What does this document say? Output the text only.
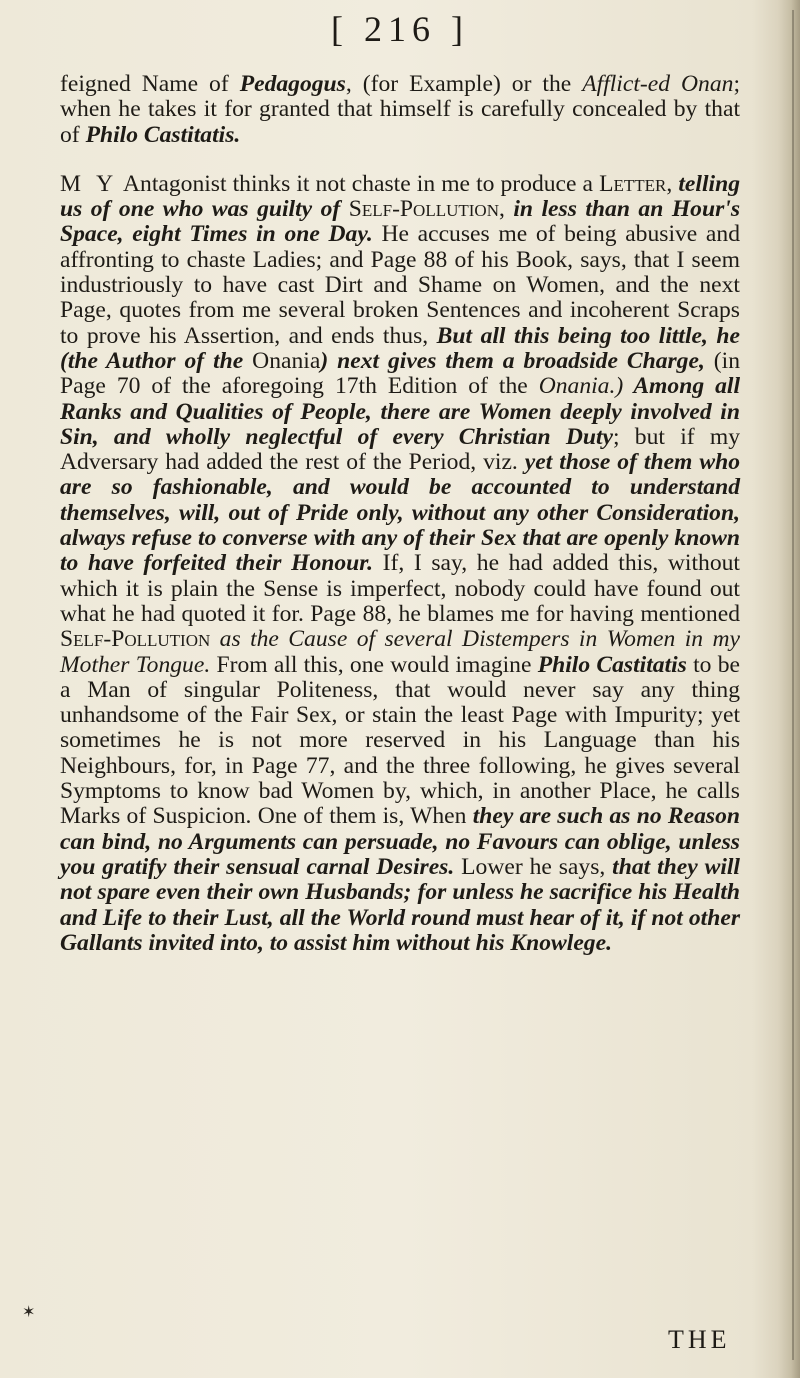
[ 216 ]

feigned Name of Pedagogus, (for Example) or the Afflict-ed Onan; when he takes it for granted that himself is carefully concealed by that of Philo Castitatis.

M Y Antagonist thinks it not chaste in me to produce a Letter, telling us of one who was guilty of Self-Pollution, in less than an Hour's Space, eight Times in one Day. He accuses me of being abusive and affronting to chaste Ladies; and Page 88 of his Book, says, that I seem industriously to have cast Dirt and Shame on Women, and the next Page, quotes from me several broken Sentences and incoherent Scraps to prove his Assertion, and ends thus, But all this being too little, he (the Author of the Onania) next gives them a broadside Charge, (in Page 70 of the aforegoing 17th Edition of the Onania.) Among all Ranks and Qualities of People, there are Women deeply involved in Sin, and wholly neglectful of every Christian Duty; but if my Adversary had added the rest of the Period, viz. yet those of them who are so fashionable, and would be accounted to understand themselves, will, out of Pride only, without any other Consideration, always refuse to converse with any of their Sex that are openly known to have forfeited their Honour. If, I say, he had added this, without which it is plain the Sense is imperfect, nobody could have found out what he had quoted it for. Page 88, he blames me for having mentioned Self-Pollution as the Cause of several Distempers in Women in my Mother Tongue. From all this, one would imagine Philo Castitatis to be a Man of singular Politeness, that would never say any thing unhandsome of the Fair Sex, or stain the least Page with Impurity; yet sometimes he is not more reserved in his Language than his Neighbours, for, in Page 77, and the three following, he gives several Symptoms to know bad Women by, which, in another Place, he calls Marks of Suspicion. One of them is, When they are such as no Reason can bind, no Arguments can persuade, no Favours can oblige, unless you gratify their sensual carnal Desires. Lower he says, that they will not spare even their own Husbands; for unless he sacrifice his Health and Life to their Lust, all the World round must hear of it, if not other Gallants invited into, to assist him without his Knowlege.

✶
THE
